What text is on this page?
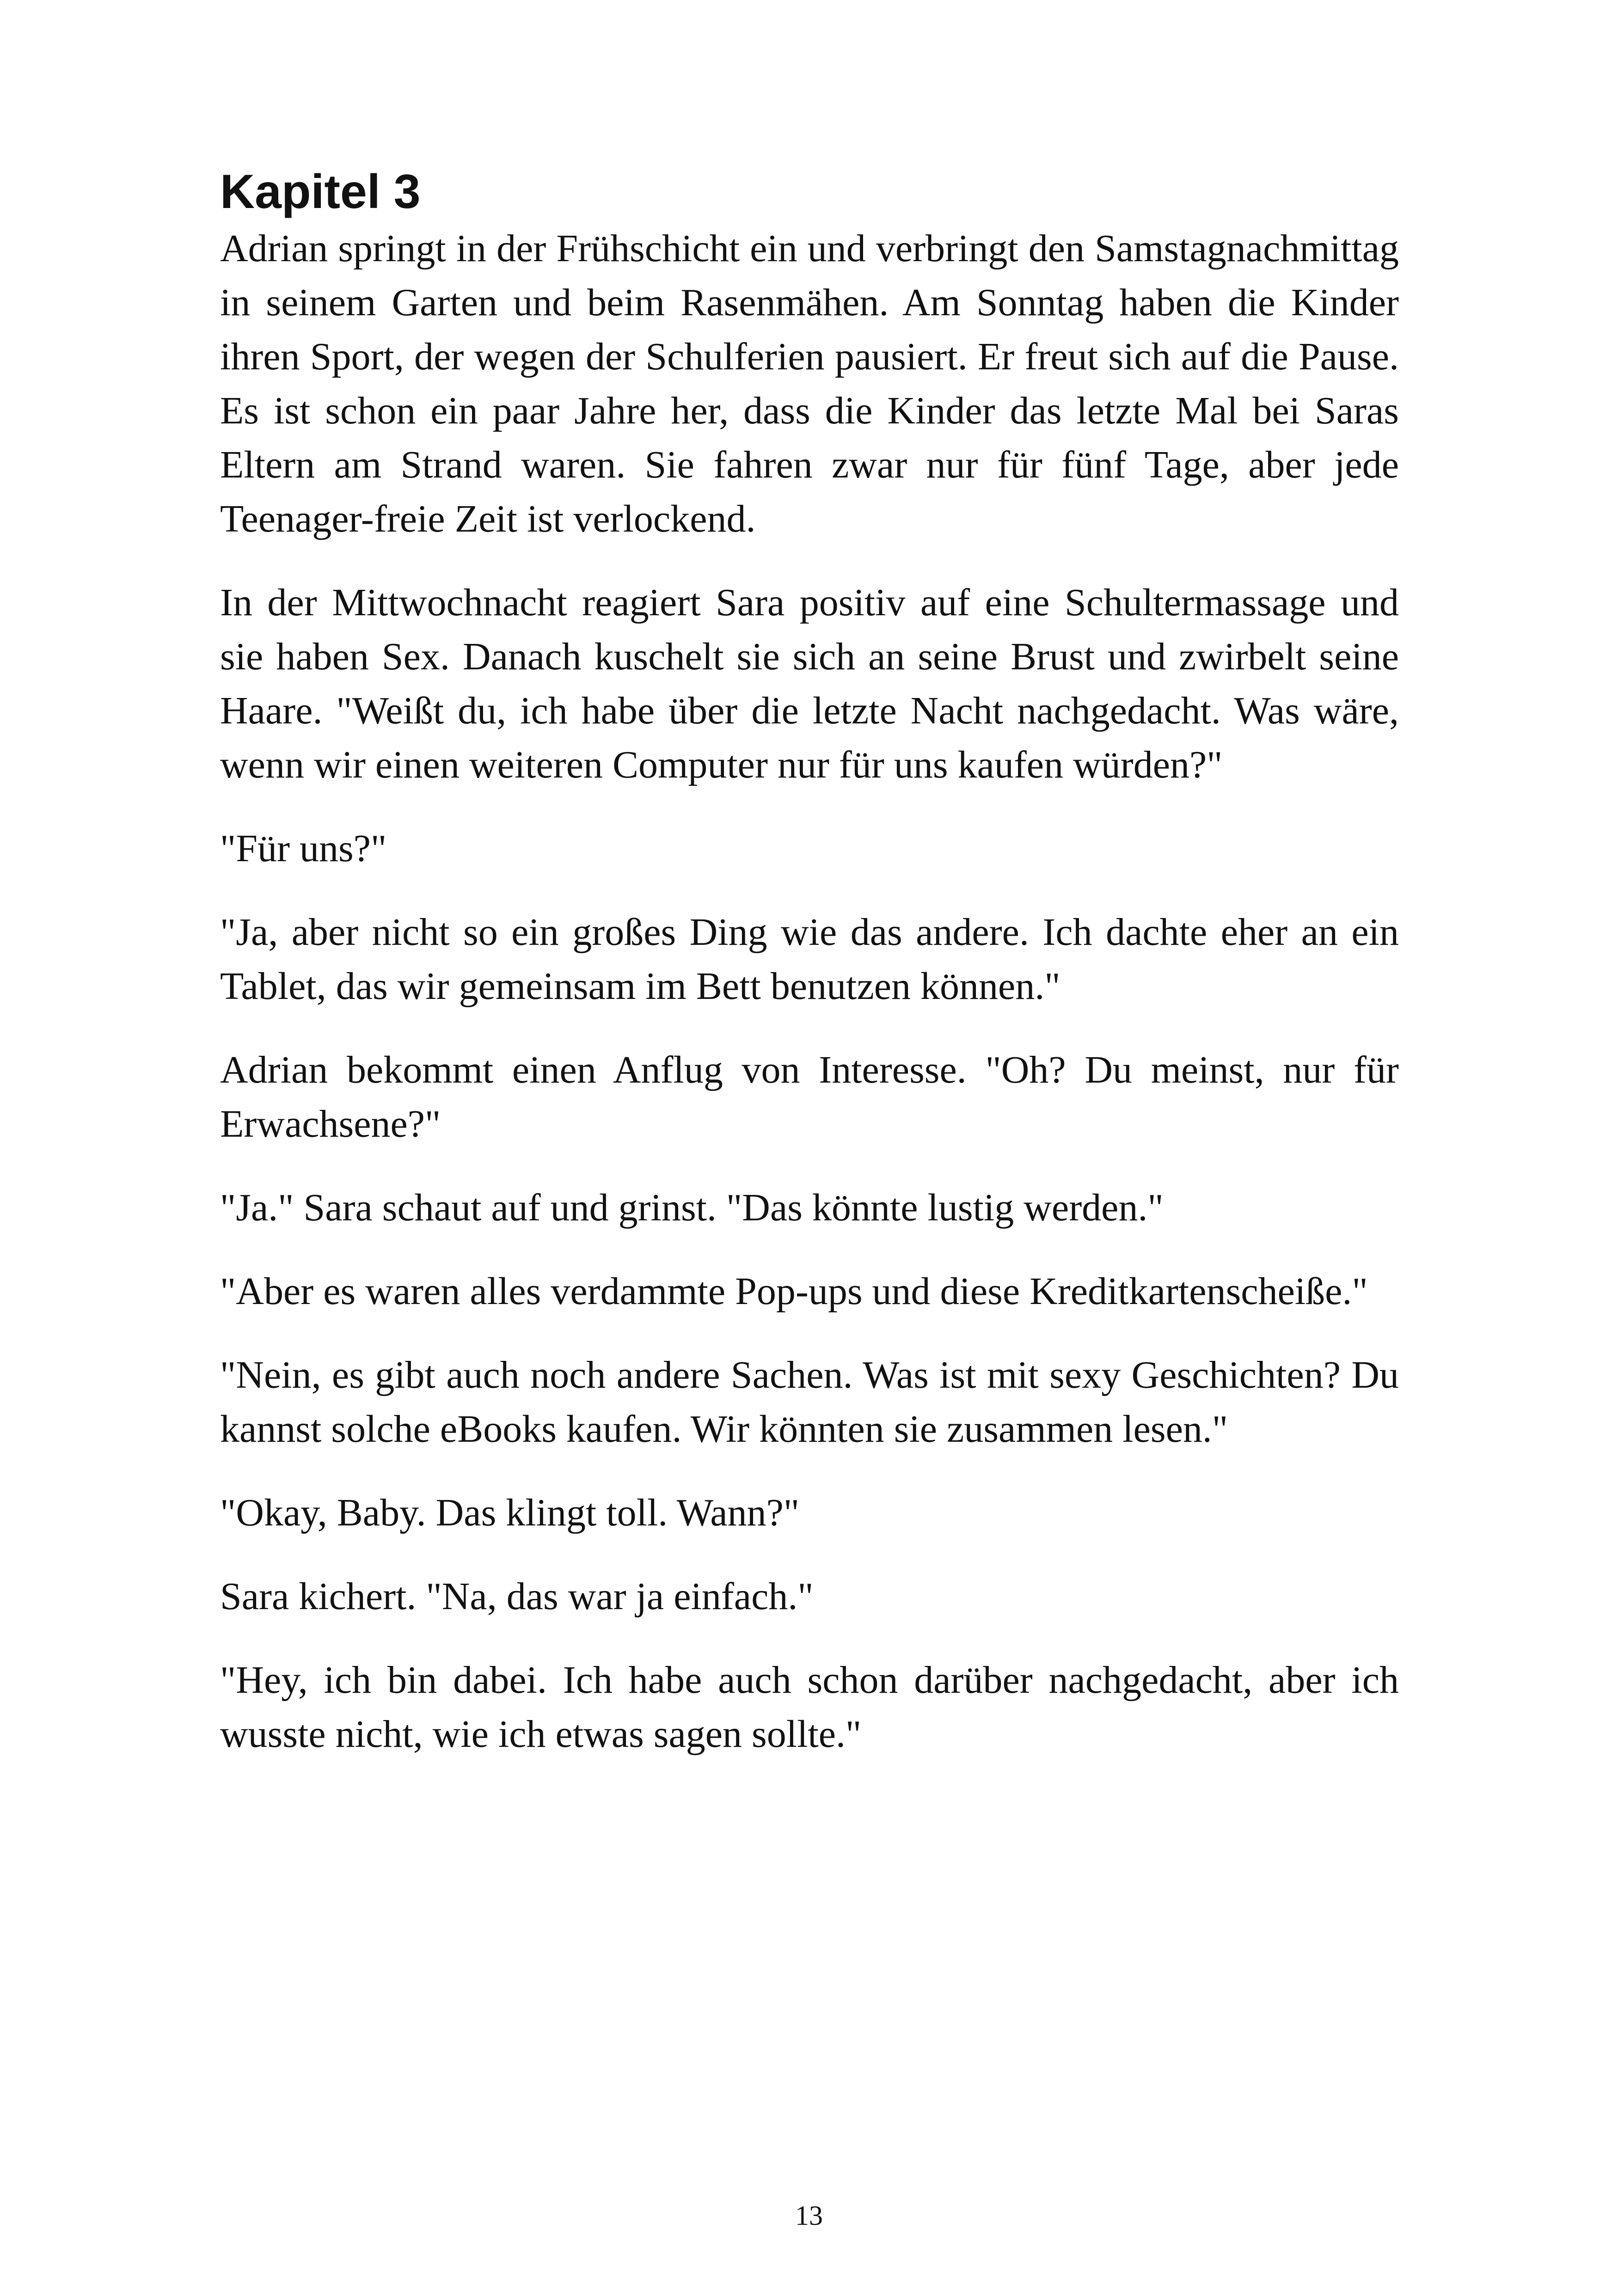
Kapitel 3

Adrian springt in der Frühschicht ein und verbringt den Samstagnachmittag in seinem Garten und beim Rasenmähen. Am Sonntag haben die Kinder ihren Sport, der wegen der Schulferien pausiert. Er freut sich auf die Pause. Es ist schon ein paar Jahre her, dass die Kinder das letzte Mal bei Saras Eltern am Strand waren. Sie fahren zwar nur für fünf Tage, aber jede Teenager-freie Zeit ist verlockend.

In der Mittwochnacht reagiert Sara positiv auf eine Schultermassage und sie haben Sex. Danach kuschelt sie sich an seine Brust und zwirbelt seine Haare. "Weißt du, ich habe über die letzte Nacht nachgedacht. Was wäre, wenn wir einen weiteren Computer nur für uns kaufen würden?"

"Für uns?"

"Ja, aber nicht so ein großes Ding wie das andere. Ich dachte eher an ein Tablet, das wir gemeinsam im Bett benutzen können."

Adrian bekommt einen Anflug von Interesse. "Oh? Du meinst, nur für Erwachsene?"

"Ja." Sara schaut auf und grinst. "Das könnte lustig werden."

"Aber es waren alles verdammte Pop-ups und diese Kreditkartenscheiße."

"Nein, es gibt auch noch andere Sachen. Was ist mit sexy Geschichten? Du kannst solche eBooks kaufen. Wir könnten sie zusammen lesen."

"Okay, Baby. Das klingt toll. Wann?"

Sara kichert. "Na, das war ja einfach."

"Hey, ich bin dabei. Ich habe auch schon darüber nachgedacht, aber ich wusste nicht, wie ich etwas sagen sollte."

13
